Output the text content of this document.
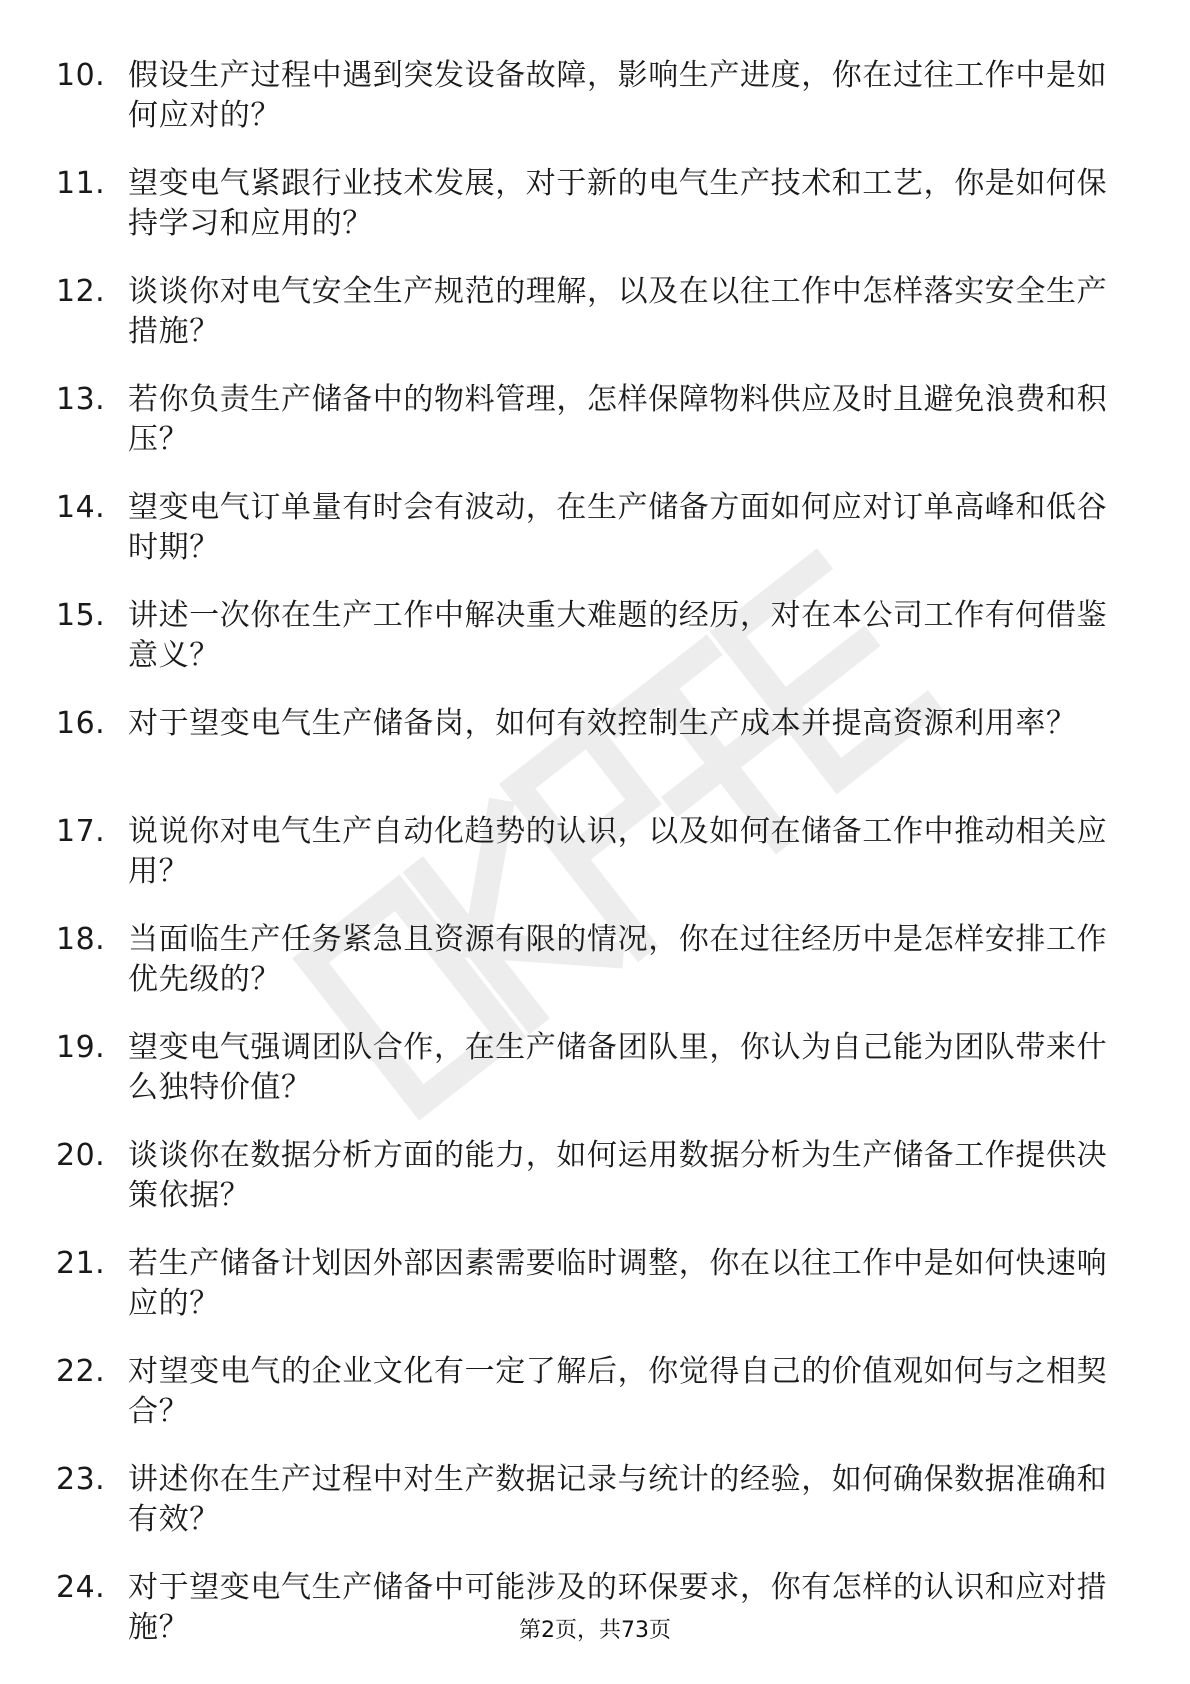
10. 假设生产过程中遇到突发设备故障，影响生产进度，你在过往工作中是如何应对的？
11. 望变电气紧跟行业技术发展，对于新的电气生产技术和工艺，你是如何保持学习和应用的？
12. 谈谈你对电气安全生产规范的理解，以及在以往工作中怎样落实安全生产措施？
13. 若你负责生产储备中的物料管理，怎样保障物料供应及时且避免浪费和积压？
14. 望变电气订单量有时会有波动，在生产储备方面如何应对订单高峰和低谷时期？
15. 讲述一次你在生产工作中解决重大难题的经历，对在本公司工作有何借鉴意义？
16. 对于望变电气生产储备岗，如何有效控制生产成本并提高资源利用率？
17. 说说你对电气生产自动化趋势的认识，以及如何在储备工作中推动相关应用？
18. 当面临生产任务紧急且资源有限的情况，你在过往经历中是怎样安排工作优先级的？
19. 望变电气强调团队合作，在生产储备团队里，你认为自己能为团队带来什么独特价值？
20. 谈谈你在数据分析方面的能力，如何运用数据分析为生产储备工作提供决策依据？
21. 若生产储备计划因外部因素需要临时调整，你在以往工作中是如何快速响应的？
22. 对望变电气的企业文化有一定了解后，你觉得自己的价值观如何与之相契合？
23. 讲述你在生产过程中对生产数据记录与统计的经验，如何确保数据准确和有效？
24. 对于望变电气生产储备中可能涉及的环保要求，你有怎样的认识和应对措施？	第2页，共73页
